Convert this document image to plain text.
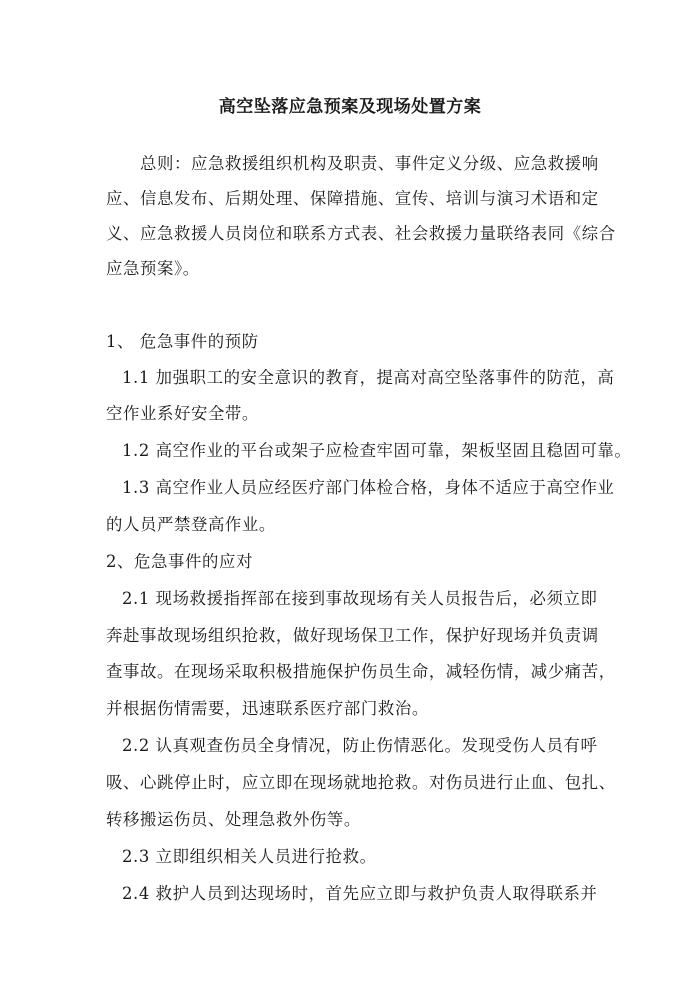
高空坠落应急预案及现场处置方案
总则：应急救援组织机构及职责、事件定义分级、应急救援响
应、信息发布、后期处理、保障措施、宣传、培训与演习术语和定
义、应急救援人员岗位和联系方式表、社会救援力量联络表同《综合
应急预案》。
1、 危急事件的预防
1.1 加强职工的安全意识的教育，提高对高空坠落事件的防范，高
空作业系好安全带。
1.2 高空作业的平台或架子应检查牢固可靠，架板坚固且稳固可靠。
1.3 高空作业人员应经医疗部门体检合格，身体不适应于高空作业
的人员严禁登高作业。
2、危急事件的应对
2.1 现场救援指挥部在接到事故现场有关人员报告后，必须立即
奔赴事故现场组织抢救，做好现场保卫工作，保护好现场并负责调
查事故。在现场采取积极措施保护伤员生命，减轻伤情，减少痛苦，
并根据伤情需要，迅速联系医疗部门救治。
2.2 认真观查伤员全身情况，防止伤情恶化。发现受伤人员有呼
吸、心跳停止时，应立即在现场就地抢救。对伤员进行止血、包扎、
转移搬运伤员、处理急救外伤等。
2.3 立即组织相关人员进行抢救。
2.4 救护人员到达现场时，首先应立即与救护负责人取得联系并
